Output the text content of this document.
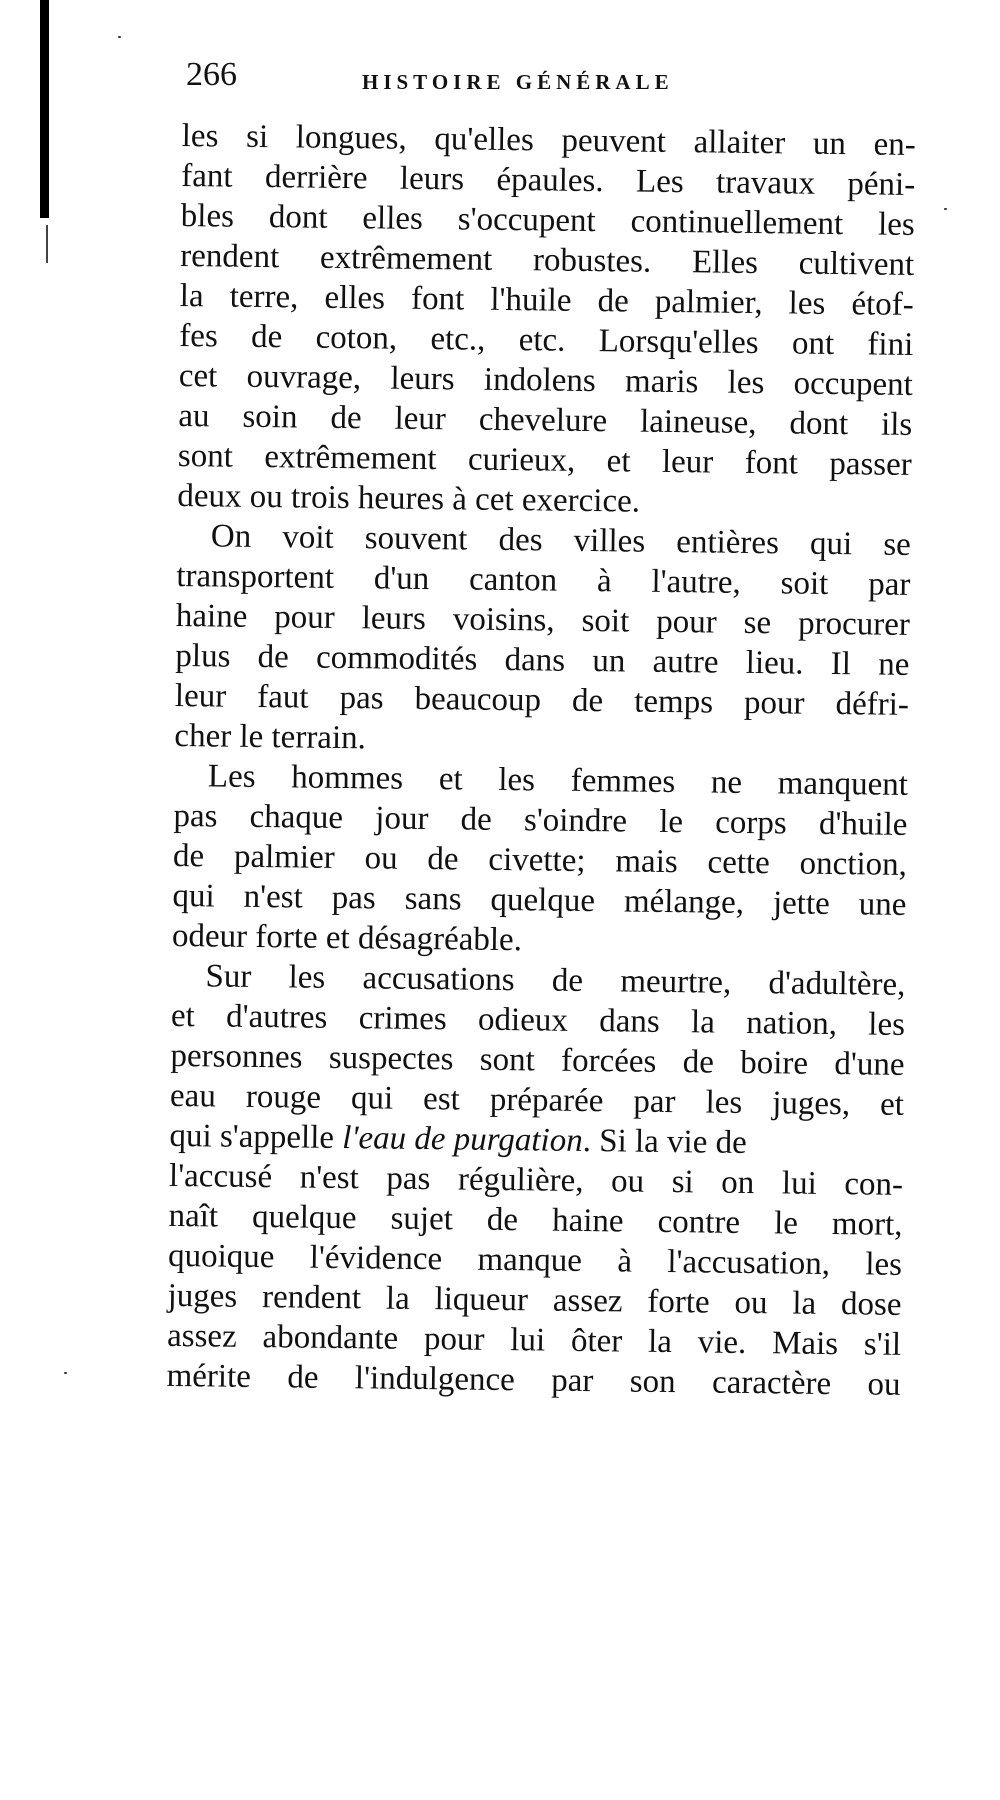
266	HISTOIRE GÉNÉRALE
les si longues, qu'elles peuvent allaiter un en-
fant derrière leurs épaules. Les travaux péni-
bles dont elles s'occupent continuellement les
rendent extrêmement robustes. Elles cultivent
la terre, elles font l'huile de palmier, les étof-
fes de coton, etc., etc. Lorsqu'elles ont fini
cet ouvrage, leurs indolens maris les occupent
au soin de leur chevelure laineuse, dont ils
sont extrêmement curieux, et leur font passer
deux ou trois heures à cet exercice.
On voit souvent des villes entières qui se
transportent d'un canton à l'autre, soit par
haine pour leurs voisins, soit pour se procurer
plus de commodités dans un autre lieu. Il ne
leur faut pas beaucoup de temps pour défri-
cher le terrain.
Les hommes et les femmes ne manquent
pas chaque jour de s'oindre le corps d'huile
de palmier ou de civette; mais cette onction,
qui n'est pas sans quelque mélange, jette une
odeur forte et désagréable.
Sur les accusations de meurtre, d'adultère,
et d'autres crimes odieux dans la nation, les
personnes suspectes sont forcées de boire d'une
eau rouge qui est préparée par les juges, et
qui s'appelle l'eau de purgation. Si la vie de
l'accusé n'est pas régulière, ou si on lui con-
naît quelque sujet de haine contre le mort,
quoique l'évidence manque à l'accusation, les
juges rendent la liqueur assez forte ou la dose
assez abondante pour lui ôter la vie. Mais s'il
mérite de l'indulgence par son caractère ou
